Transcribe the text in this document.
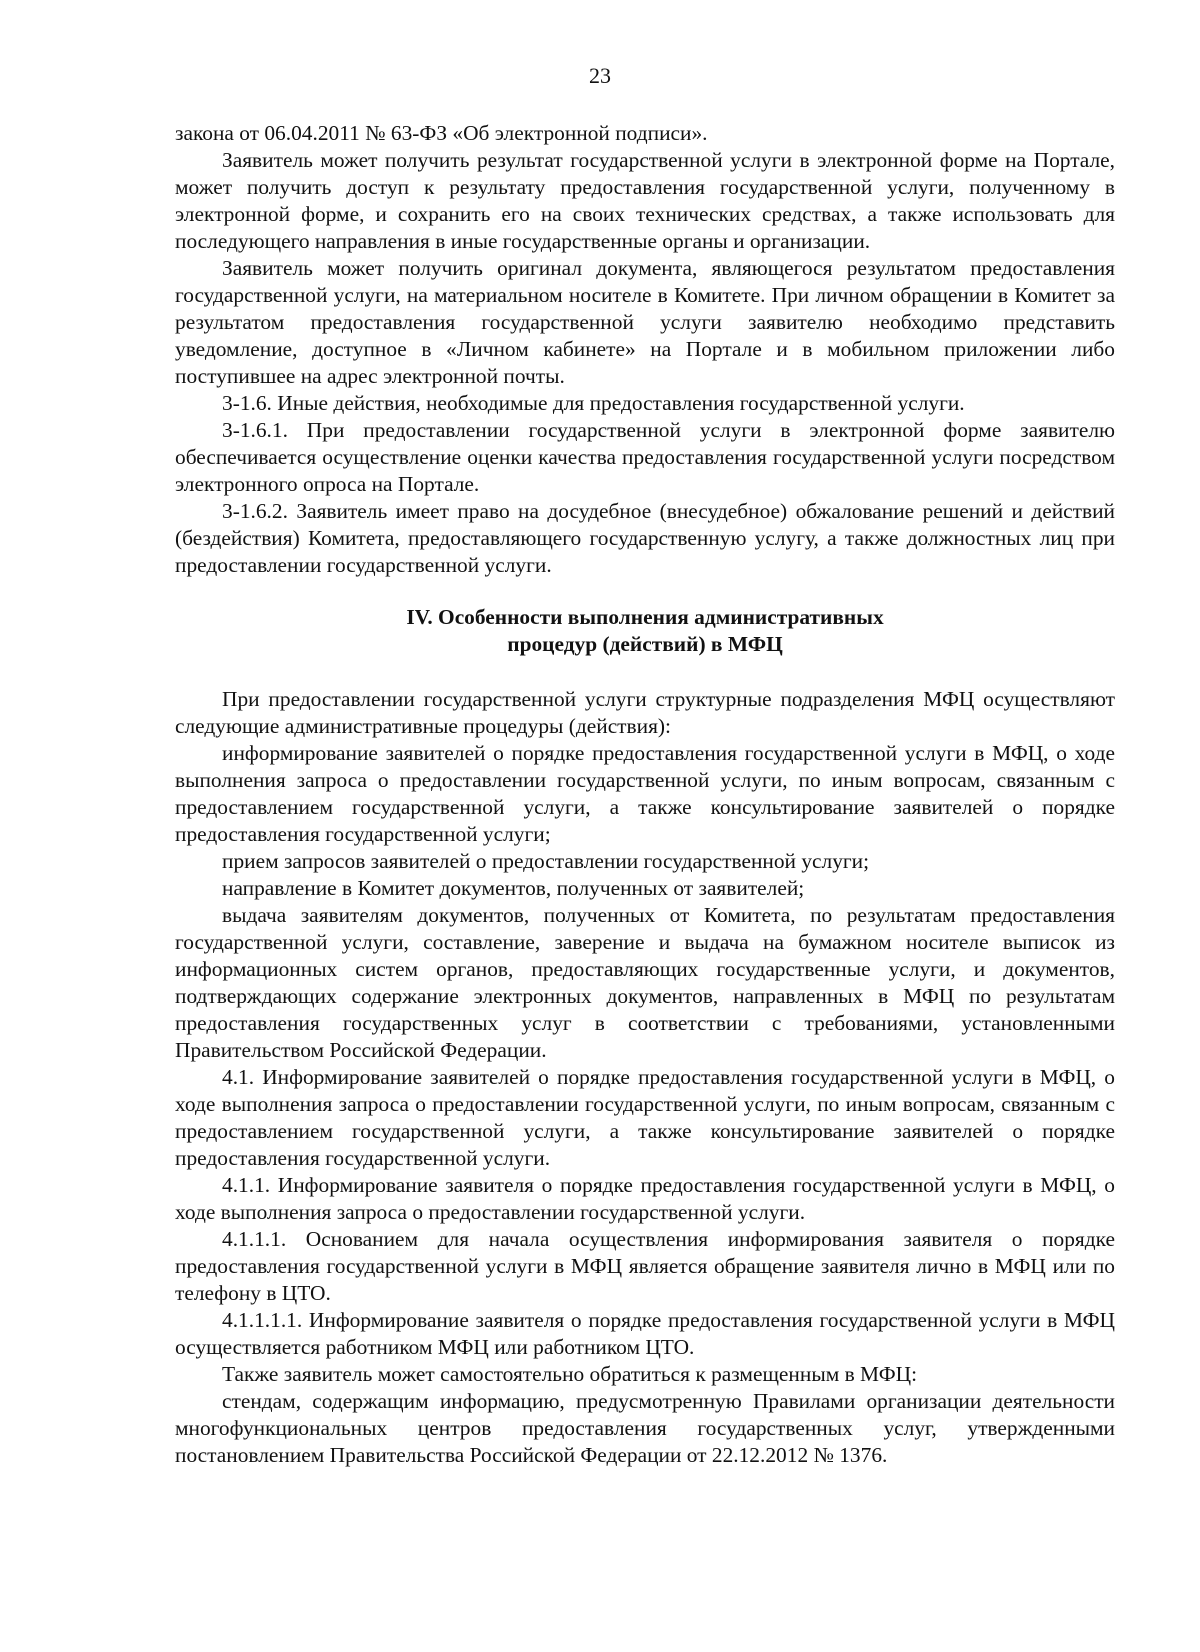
23

закона от 06.04.2011 № 63-ФЗ «Об электронной подписи».

Заявитель может получить результат государственной услуги в электронной форме на Портале, может получить доступ к результату предоставления государственной услуги, полученному в электронной форме, и сохранить его на своих технических средствах, а также использовать для последующего направления в иные государственные органы и организации.

Заявитель может получить оригинал документа, являющегося результатом предоставления государственной услуги, на материальном носителе в Комитете. При личном обращении в Комитет за результатом предоставления государственной услуги заявителю необходимо представить уведомление, доступное в «Личном кабинете» на Портале и в мобильном приложении либо поступившее на адрес электронной почты.

3-1.6. Иные действия, необходимые для предоставления государственной услуги.

3-1.6.1. При предоставлении государственной услуги в электронной форме заявителю обеспечивается осуществление оценки качества предоставления государственной услуги посредством электронного опроса на Портале.

3-1.6.2. Заявитель имеет право на досудебное (внесудебное) обжалование решений и действий (бездействия) Комитета, предоставляющего государственную услугу, а также должностных лиц при предоставлении государственной услуги.

IV. Особенности выполнения административных
процедур (действий) в МФЦ

При предоставлении государственной услуги структурные подразделения МФЦ осуществляют следующие административные процедуры (действия):

информирование заявителей о порядке предоставления государственной услуги в МФЦ, о ходе выполнения запроса о предоставлении государственной услуги, по иным вопросам, связанным с предоставлением государственной услуги, а также консультирование заявителей о порядке предоставления государственной услуги;

прием запросов заявителей о предоставлении государственной услуги;

направление в Комитет документов, полученных от заявителей;

выдача заявителям документов, полученных от Комитета, по результатам предоставления государственной услуги, составление, заверение и выдача на бумажном носителе выписок из информационных систем органов, предоставляющих государственные услуги, и документов, подтверждающих содержание электронных документов, направленных в МФЦ по результатам предоставления государственных услуг в соответствии с требованиями, установленными Правительством Российской Федерации.

4.1. Информирование заявителей о порядке предоставления государственной услуги в МФЦ, о ходе выполнения запроса о предоставлении государственной услуги, по иным вопросам, связанным с предоставлением государственной услуги, а также консультирование заявителей о порядке предоставления государственной услуги.

4.1.1. Информирование заявителя о порядке предоставления государственной услуги в МФЦ, о ходе выполнения запроса о предоставлении государственной услуги.

4.1.1.1. Основанием для начала осуществления информирования заявителя о порядке предоставления государственной услуги в МФЦ является обращение заявителя лично в МФЦ или по телефону в ЦТО.

4.1.1.1.1. Информирование заявителя о порядке предоставления государственной услуги в МФЦ осуществляется работником МФЦ или работником ЦТО.

Также заявитель может самостоятельно обратиться к размещенным в МФЦ:

стендам, содержащим информацию, предусмотренную Правилами организации деятельности многофункциональных центров предоставления государственных услуг, утвержденными постановлением Правительства Российской Федерации от 22.12.2012 № 1376.
